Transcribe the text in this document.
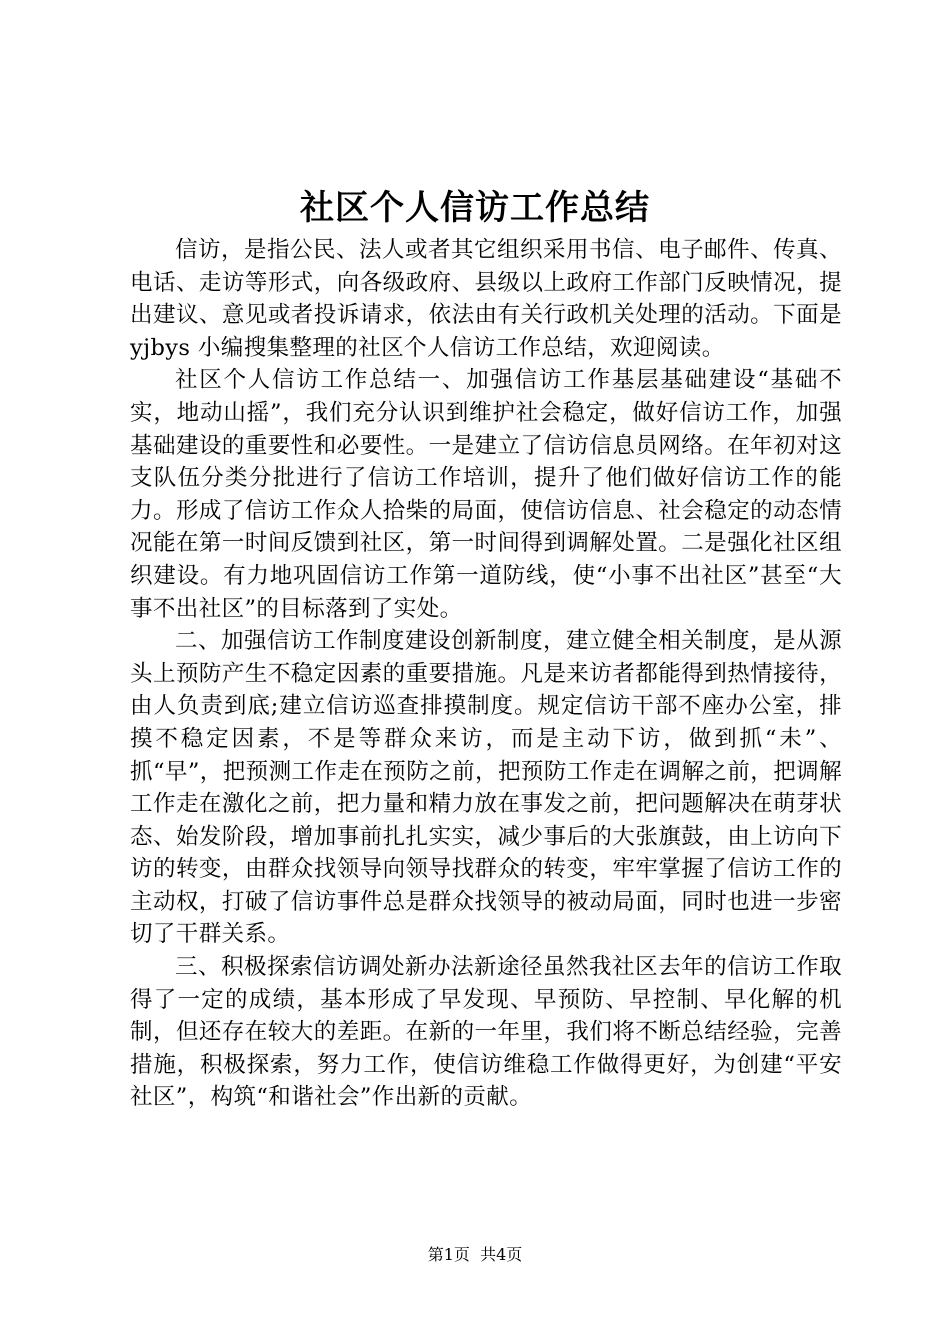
社区个人信访工作总结

信访，是指公民、法人或者其它组织采用书信、电子邮件、传真、电话、走访等形式，向各级政府、县级以上政府工作部门反映情况，提出建议、意见或者投诉请求，依法由有关行政机关处理的活动。下面是 yjbys 小编搜集整理的社区个人信访工作总结，欢迎阅读。

社区个人信访工作总结一、加强信访工作基层基础建设“基础不实，地动山摇”，我们充分认识到维护社会稳定，做好信访工作，加强基础建设的重要性和必要性。一是建立了信访信息员网络。在年初对这支队伍分类分批进行了信访工作培训，提升了他们做好信访工作的能力。形成了信访工作众人拾柴的局面，使信访信息、社会稳定的动态情况能在第一时间反馈到社区，第一时间得到调解处置。二是强化社区组织建设。有力地巩固信访工作第一道防线，使“小事不出社区”甚至“大事不出社区”的目标落到了实处。

二、加强信访工作制度建设创新制度，建立健全相关制度，是从源头上预防产生不稳定因素的重要措施。凡是来访者都能得到热情接待，由人负责到底;建立信访巡查排摸制度。规定信访干部不座办公室，排摸不稳定因素，不是等群众来访，而是主动下访，做到抓“未”、抓“早”，把预测工作走在预防之前，把预防工作走在调解之前，把调解工作走在激化之前，把力量和精力放在事发之前，把问题解决在萌芽状态、始发阶段，增加事前扎扎实实，减少事后的大张旗鼓，由上访向下访的转变，由群众找领导向领导找群众的转变，牢牢掌握了信访工作的主动权，打破了信访事件总是群众找领导的被动局面，同时也进一步密切了干群关系。

三、积极探索信访调处新办法新途径虽然我社区去年的信访工作取得了一定的成绩，基本形成了早发现、早预防、早控制、早化解的机制，但还存在较大的差距。在新的一年里，我们将不断总结经验，完善措施，积极探索，努力工作，使信访维稳工作做得更好，为创建“平安社区”，构筑“和谐社会”作出新的贡献。

第1页  共4页
